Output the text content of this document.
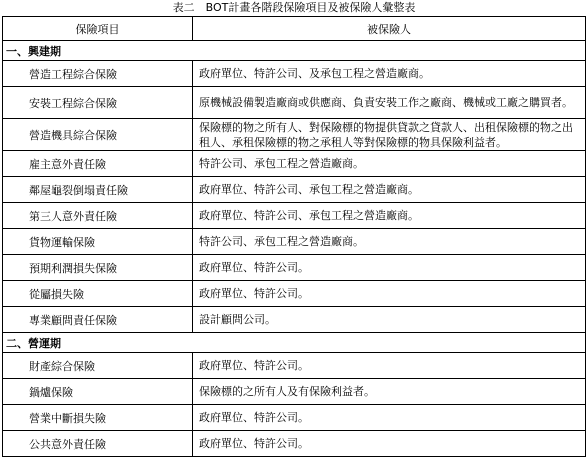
表二　BOT計畫各階段保險項目及被保險人彙整表
保險項目	被保險人
一、興建期	
營造工程綜合保險	政府單位、特許公司、及承包工程之營造廠商。
安裝工程綜合保險	原機械設備製造廠商或供應商、負責安裝工作之廠商、機械或工廠之購買者。
營造機具綜合保險	保險標的物之所有人、對保險標的物提供貸款之貸款人、出租保險標的物之出租人、承租保險標的物之承租人等對保險標的物具保險利益者。
雇主意外責任險	特許公司、承包工程之營造廠商。
鄰屋龜裂倒塌責任險	政府單位、特許公司、承包工程之營造廠商。
第三人意外責任險	政府單位、特許公司、承包工程之營造廠商。
貨物運輸保險	特許公司、承包工程之營造廠商。
預期利潤損失保險	政府單位、特許公司。
從屬損失險	政府單位、特許公司。
專業顧問責任保險	設計顧問公司。
二、營運期	
財產綜合保險	政府單位、特許公司。
鍋爐保險	保險標的之所有人及有保險利益者。
營業中斷損失險	政府單位、特許公司。
公共意外責任險	政府單位、特許公司。
